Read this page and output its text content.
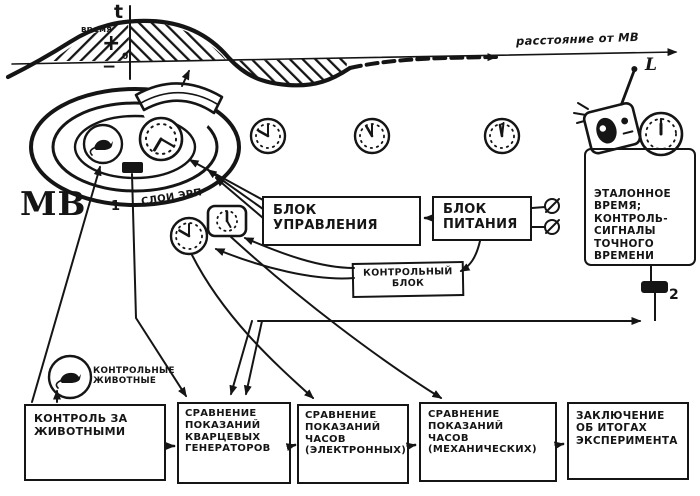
t
время
+
0
−
расстояние от МВ
L
МВ	СЛОИ ЭРП
1
2
КОНТРОЛЬНЫЕ ЖИВОТНЫЕ
БЛОК УПРАВЛЕНИЯ
БЛОК ПИТАНИЯ
КОНТРОЛЬНЫЙ БЛОК
ЭТАЛОННОЕ ВРЕМЯ; КОНТРОЛЬ-СИГНАЛЫ ТОЧНОГО ВРЕМЕНИ
КОНТРОЛЬ ЗА ЖИВОТНЫМИ
СРАВНЕНИЕ ПОКАЗАНИЙ КВАРЦЕВЫХ ГЕНЕРАТОРОВ
СРАВНЕНИЕ ПОКАЗАНИЙ ЧАСОВ (ЭЛЕКТРОННЫХ)
СРАВНЕНИЕ ПОКАЗАНИЙ ЧАСОВ (МЕХАНИЧЕСКИХ)
ЗАКЛЮЧЕНИЕ ОБ ИТОГАХ ЭКСПЕРИМЕНТА
